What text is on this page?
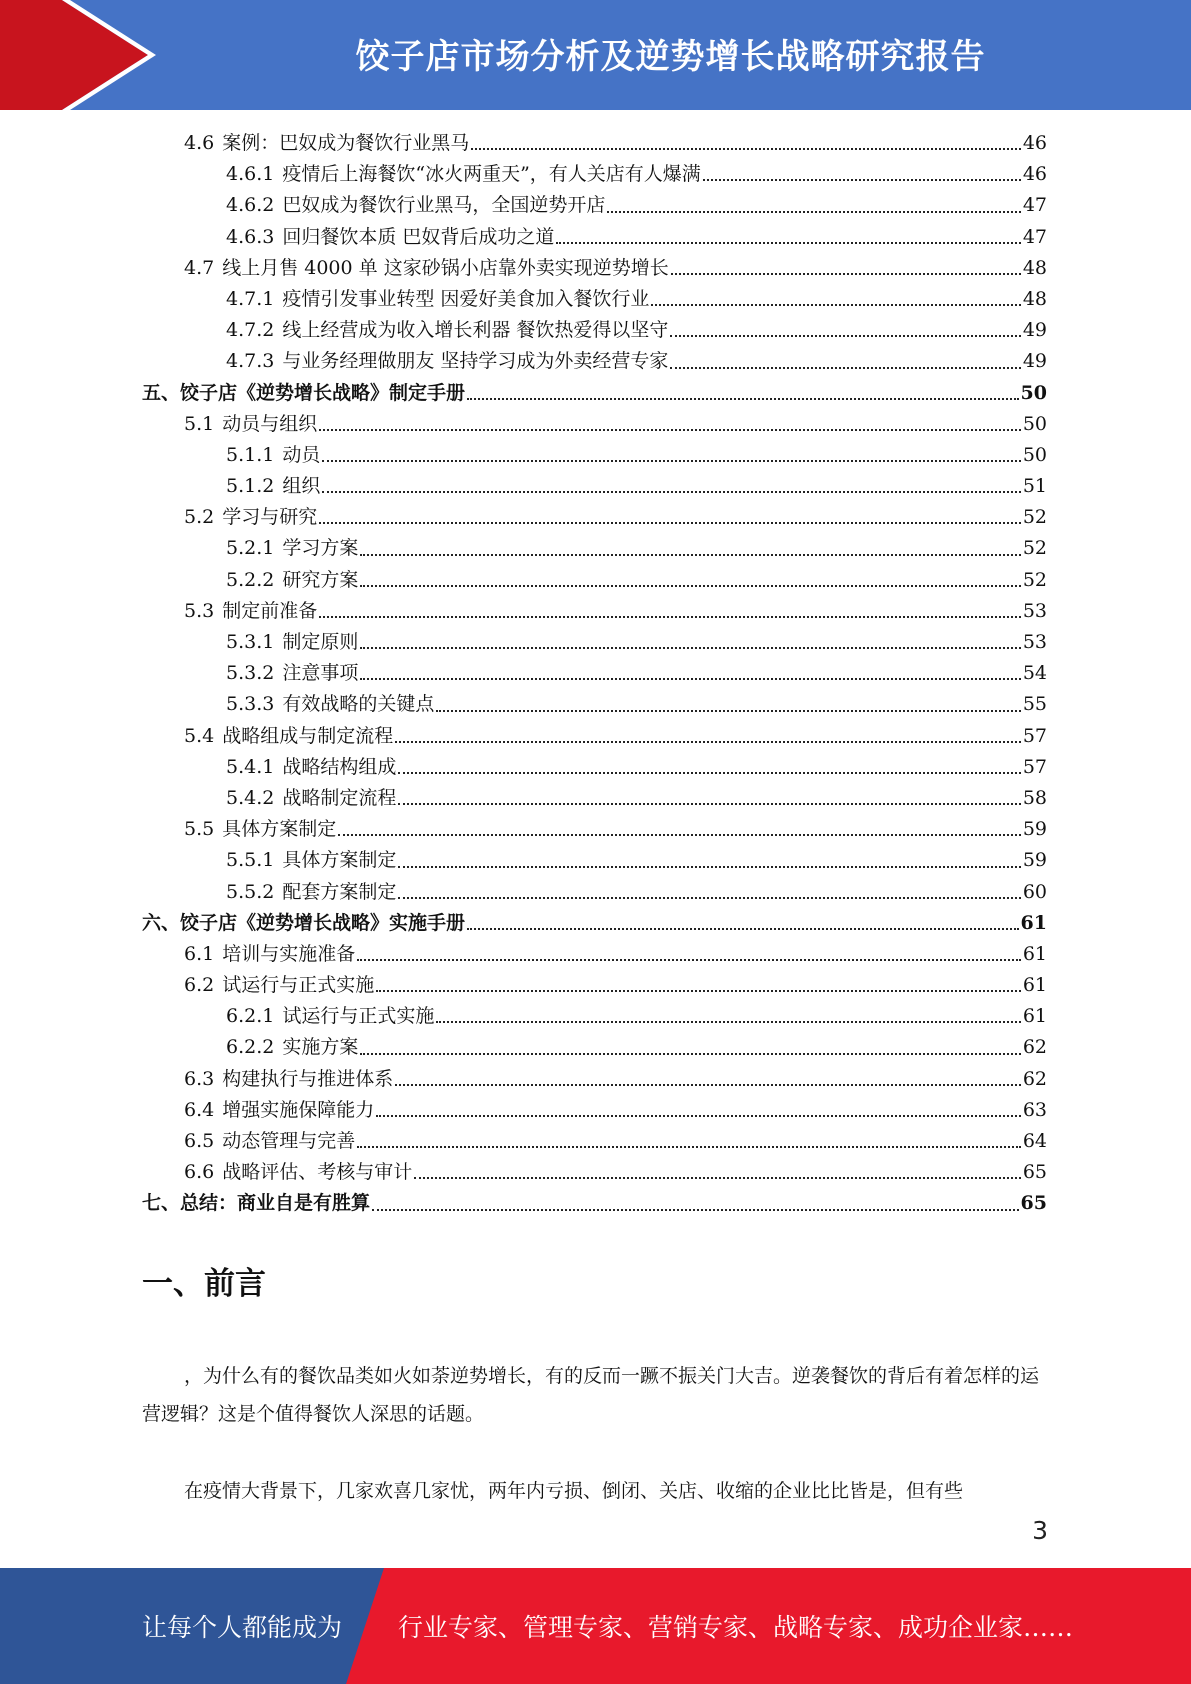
饺子店市场分析及逆势增长战略研究报告
4.6 案例：巴奴成为餐饮行业黑马	46
4.6.1 疫情后上海餐饮“冰火两重天”，有人关店有人爆满	46
4.6.2 巴奴成为餐饮行业黑马，全国逆势开店	47
4.6.3 回归餐饮本质 巴奴背后成功之道	47
4.7 线上月售 4000 单 这家砂锅小店靠外卖实现逆势增长	48
4.7.1 疫情引发事业转型 因爱好美食加入餐饮行业	48
4.7.2 线上经营成为收入增长利器 餐饮热爱得以坚守	49
4.7.3 与业务经理做朋友 坚持学习成为外卖经营专家	49
五、 饺子店《逆势增长战略》制定手册	50
5.1 动员与组织	50
5.1.1 动员	50
5.1.2 组织	51
5.2 学习与研究	52
5.2.1 学习方案	52
5.2.2 研究方案	52
5.3 制定前准备	53
5.3.1 制定原则	53
5.3.2 注意事项	54
5.3.3 有效战略的关键点	55
5.4 战略组成与制定流程	57
5.4.1 战略结构组成	57
5.4.2 战略制定流程	58
5.5 具体方案制定	59
5.5.1 具体方案制定	59
5.5.2 配套方案制定	60
六、 饺子店《逆势增长战略》实施手册	61
6.1 培训与实施准备	61
6.2 试运行与正式实施	61
6.2.1 试运行与正式实施	61
6.2.2 实施方案	62
6.3 构建执行与推进体系	62
6.4 增强实施保障能力	63
6.5 动态管理与完善	64
6.6 战略评估、考核与审计	65
七、 总结：商业自是有胜算	65
一、前言

，为什么有的餐饮品类如火如荼逆势增长，有的反而一蹶不振关门大吉。逆袭餐饮的背后有着怎样的运营逻辑？这是个值得餐饮人深思的话题。

在疫情大背景下，几家欢喜几家忧，两年内亏损、倒闭、关店、收缩的企业比比皆是，但有些

3
让每个人都能成为 行业专家、管理专家、营销专家、战略专家、成功企业家……
